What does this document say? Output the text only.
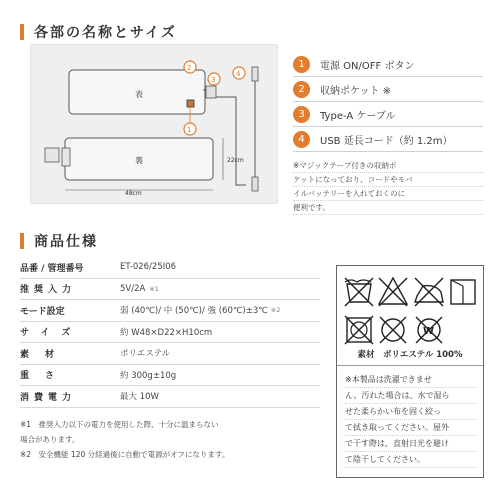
各部の名称とサイズ
表
2
3
4
1
裏
48cm
22cm
1	電源 ON/OFF ボタン
2	収納ポケット ※
3	Type-A ケーブル
4	USB 延長コード（約 1.2m）
※マジックテープ付きの収納ポ
ケットになっており、コードやモバ
イルバッテリーを入れておくのに
便利です。
商品仕様
品番 / 管理番号	ET-026/25I06
推奨入力	5V/2A ※1
モード設定	弱 (40℃)/ 中 (50℃)/ 強 (60℃)±3℃ ※2
サイズ	約 W48×D22×H10cm
素材	ポリエステル
重さ	約 300g±10g
消費電力	最大 10W
※1　推奨入力以下の電力を使用した際、十分に温まらない
場合があります。
※2　安全機能 120 分経過後に自動で電源がオフになります。
W
素材　ポリエステル 100%
※本製品は洗濯できませ
ん。汚れた場合は、水で湿ら
せた柔らかい布を固く絞っ
て拭き取ってください。屋外
で干す際は、直射日光を避け
て陰干してください。
